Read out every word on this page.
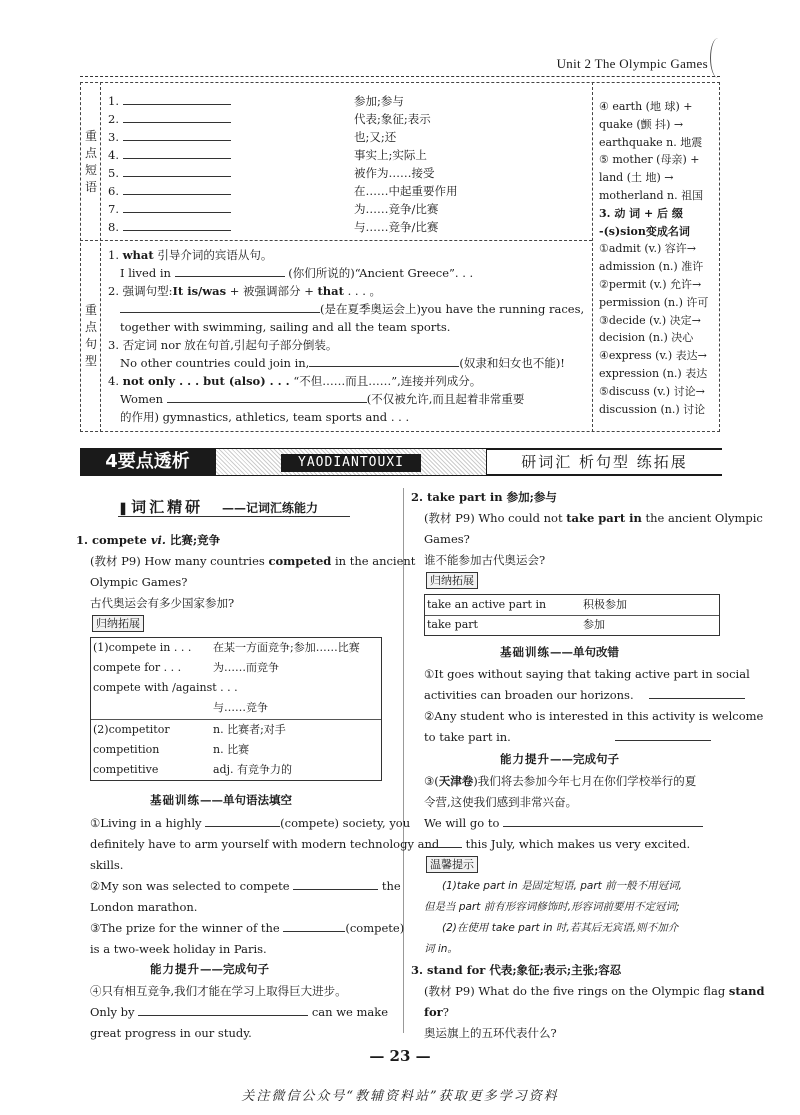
Unit 2 The Olympic Games
重点短语
重点句型
1.	参加;参与
2.	代表;象征;表示
3.	也;又;还
4.	事实上;实际上
5.	被作为……接受
6.	在……中起重要作用
7.	为……竞争/比赛
8.	与……竞争/比赛
1. what 引导介词的宾语从句。
I lived in	(你们所说的)“Ancient Greece”. . .
2. 强调句型:It is/was + 被强调部分 + that . . . 。
(是在夏季奥运会上)you have the running races,
together with swimming, sailing and all the team sports.
3. 否定词 nor 放在句首,引起句子部分倒装。
No other countries could join in,	(奴隶和妇女也不能)!
4. not only . . . but (also) . . . “不但……而且……”,连接并列成分。
Women	(不仅被允许,而且起着非常重要
的作用) gymnastics, athletics, team sports and . . .
④ earth (地 球) +
quake (颤 抖) →
earthquake n. 地震
⑤ mother (母亲) +
land (土 地) →
motherland n. 祖国
3. 动 词 + 后 缀
-(s)sion变成名词
①admit (v.) 容许→
admission (n.) 准许
②permit (v.) 允许→
permission (n.) 许可
③decide (v.) 决定→
decision (n.) 决心
④express (v.) 表达→
expression (n.) 表达
⑤discuss (v.) 讨论→
discussion (n.) 讨论
4要点透析	YAODIANTOUXI	研词汇 析句型 练拓展
❚词汇精研 ——记词汇练能力
1. compete vi. 比赛;竞争
(教材 P9) How many countries competed in the ancient
Olympic Games?
古代奥运会有多少国家参加?
归纳拓展
(1)compete in . . . 在某一方面竞争;参加……比赛
compete for . . .	为……而竞争
compete with /against . . .
与……竞争
(2)competitor	n. 比赛者;对手
competition	n. 比赛
competitive	adj. 有竞争力的
基础训练——单句语法填空
①Living in a highly	(compete) society, you
definitely have to arm yourself with modern technology and
skills.
②My son was selected to compete	the
London marathon.
③The prize for the winner of the	(compete)
is a two-week holiday in Paris.
能力提升——完成句子
④只有相互竞争,我们才能在学习上取得巨大进步。
Only by	can we make
great progress in our study.
2. take part in 参加;参与
(教材 P9) Who could not take part in the ancient Olympic
Games?
谁不能参加古代奥运会?
归纳拓展
take an active part in	积极参加
take part	参加
基础训练——单句改错
①It goes without saying that taking active part in social
activities can broaden our horizons.
②Any student who is interested in this activity is welcome
to take part in.
能力提升——完成句子
③(天津卷)我们将去参加今年七月在你们学校举行的夏
令营,这使我们感到非常兴奋。
We will go to
this July, which makes us very excited.
温馨提示
(1)take part in 是固定短语, part 前一般不用冠词,
但是当 part 前有形容词修饰时,形容词前要用不定冠词;
(2)在使用 take part in 时,若其后无宾语,则不加介
词 in。
3. stand for 代表;象征;表示;主张;容忍
(教材 P9) What do the five rings on the Olympic flag stand
for?
奥运旗上的五环代表什么?
— 23 —
关注微信公众号“教辅资料站”获取更多学习资料
